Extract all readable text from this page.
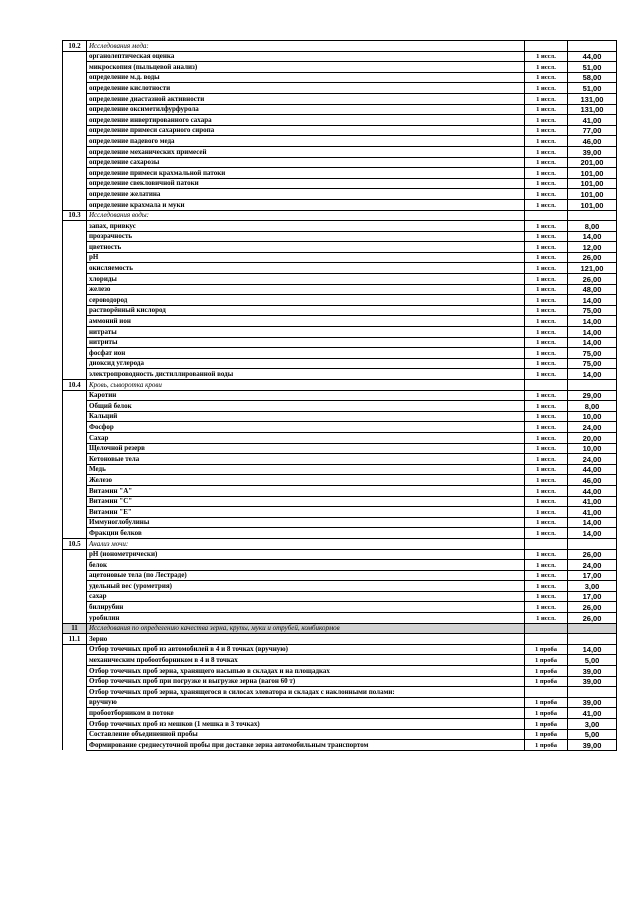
10.2	Исследования меда:		
	органолептическая оценка	1 иссл.	44,00
	микроскопия (пыльцевой анализ)	1 иссл.	51,00
	определение м.д. воды	1 иссл.	58,00
	определение кислотности	1 иссл.	51,00
	определение диастазной активности	1 иссл.	131,00
	определение оксиметилфурфурола	1 иссл.	131,00
	определение инвертированного сахара	1 иссл.	41,00
	определение примеси сахарного сиропа	1 иссл.	77,00
	определение падевого меда	1 иссл.	46,00
	определение механических примесей	1 иссл.	39,00
	определение сахарозы	1 иссл.	201,00
	определение примеси крахмальной патоки	1 иссл.	101,00
	определение свекловичной патоки	1 иссл.	101,00
	определение желатина	1 иссл.	101,00
	определение крахмала и муки	1 иссл.	101,00
10.3	Исследования воды:		
	запах, привкус	1 иссл.	8,00
	прозрачность	1 иссл.	14,00
	цветность	1 иссл.	12,00
	рН	1 иссл.	26,00
	окисляемость	1 иссл.	121,00
	хлориды	1 иссл.	26,00
	железо	1 иссл.	48,00
	сероводород	1 иссл.	14,00
	растворённый кислород	1 иссл.	75,00
	аммоний ион	1 иссл.	14,00
	нитраты	1 иссл.	14,00
	нитриты	1 иссл.	14,00
	фосфат ион	1 иссл.	75,00
	диоксид углерода	1 иссл.	75,00
	электропроводность дистиллированной воды	1 иссл.	14,00
10.4	Кровь, сыворотка крови		
	Каротин	1 иссл.	29,00
	Общий белок	1 иссл.	8,00
	Кальций	1 иссл.	10,00
	Фосфор	1 иссл.	24,00
	Сахар	1 иссл.	20,00
	Щелочной резерв	1 иссл.	10,00
	Кетоновые тела	1 иссл.	24,00
	Медь	1 иссл.	44,00
	Железо	1 иссл.	46,00
	Витамин "А"	1 иссл.	44,00
	Витамин "С"	1 иссл.	41,00
	Витамин "Е"	1 иссл.	41,00
	Иммуноглобулины	1 иссл.	14,00
	Фракции белков	1 иссл.	14,00
10.5	Анализ мочи:		
	рН (ионометрически)	1 иссл.	26,00
	белок	1 иссл.	24,00
	ацетоновые тела (по Лестраде)	1 иссл.	17,00
	удельный вес (урометрия)	1 иссл.	3,00
	сахар	1 иссл.	17,00
	билирубин	1 иссл.	26,00
	уробилин	1 иссл.	26,00
11	Исследования по определению качества зерна, крупы, муки и отрубей, комбикормов		
11.1	Зерно		
	Отбор точечных проб из автомобилей в 4 и 8 точках (вручную)	1 проба	14,00
	механическим пробоотборником в 4 и 8 точках	1 проба	5,00
	Отбор точечных проб зерна, хранящего насыпью в складах и на площадках	1 проба	39,00
	Отбор точечных проб при погрузке и выгрузке зерна (вагон 60 т)	1 проба	39,00
	Отбор точечных проб зерна, хранящегося в силосах элеватора и складах с наклонными полами:		
	вручную	1 проба	39,00
	пробоотборником в потоке	1 проба	41,00
	Отбор точечных проб из мешков (1 мешка в 3 точках)	1 проба	3,00
	Составление объединенной пробы	1 проба	5,00
	Формирование среднесуточной пробы при доставке зерна автомобильным транспортом	1 проба	39,00
